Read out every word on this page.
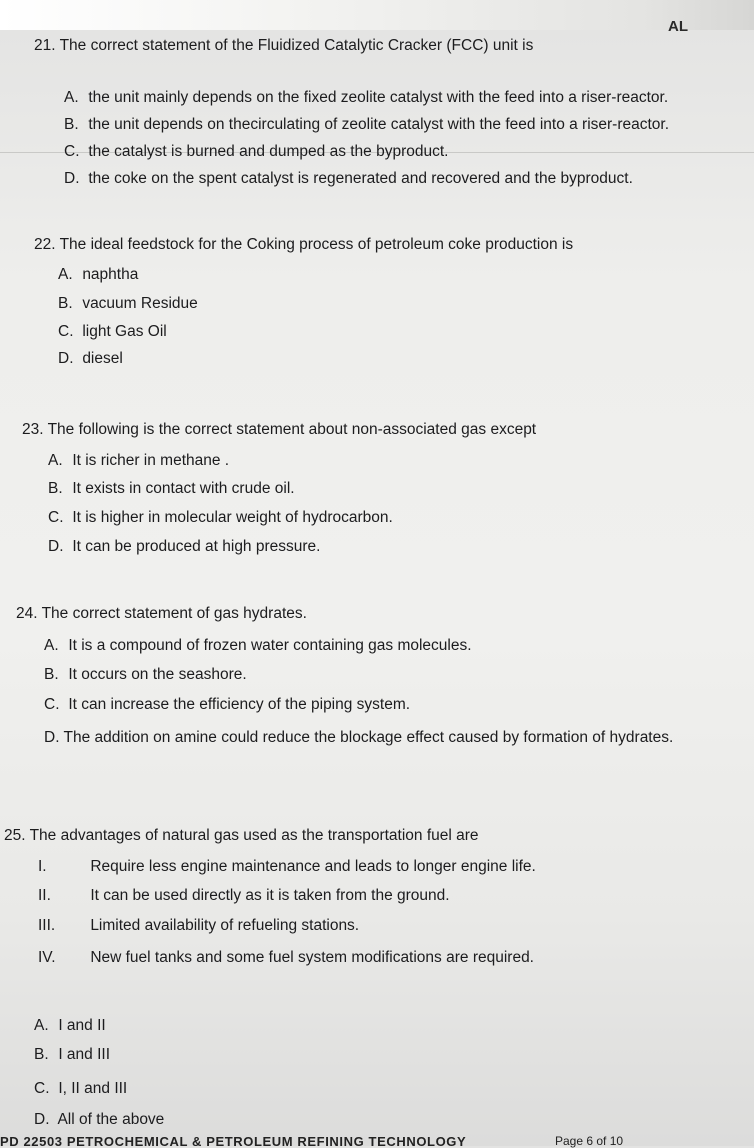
AL
21. The correct statement of the Fluidized Catalytic Cracker (FCC) unit is
A. the unit mainly depends on the fixed zeolite catalyst with the feed into a riser-reactor.
B. the unit depends on thecirculating of zeolite catalyst with the feed into a riser-reactor.
C. the catalyst is burned and dumped as the byproduct.
D. the coke on the spent catalyst is regenerated and recovered and the byproduct.
22. The ideal feedstock for the Coking process of petroleum coke production is
A. naphtha
B. vacuum Residue
C. light Gas Oil
D. diesel
23. The following is the correct statement about non-associated gas except
A. It is richer in methane .
B. It exists in contact with crude oil.
C. It is higher in molecular weight of hydrocarbon.
D. It can be produced at high pressure.
24. The correct statement of gas hydrates.
A. It is a compound of frozen water containing gas molecules.
B. It occurs on the seashore.
C. It can increase the efficiency of the piping system.
D. The addition on amine could reduce the blockage effect caused by formation of hydrates.
25. The advantages of natural gas used as the transportation fuel are
I.	Require less engine maintenance and leads to longer engine life.
II.	It can be used directly as it is taken from the ground.
III. Limited availability of refueling stations.
IV. New fuel tanks and some fuel system modifications are required.
A. I and II
B. I and III
C. I, II and III
D. All of the above
PD 22503 PETROCHEMICAL & PETROLEUM REFINING TECHNOLOGY	Page 6 of 10
